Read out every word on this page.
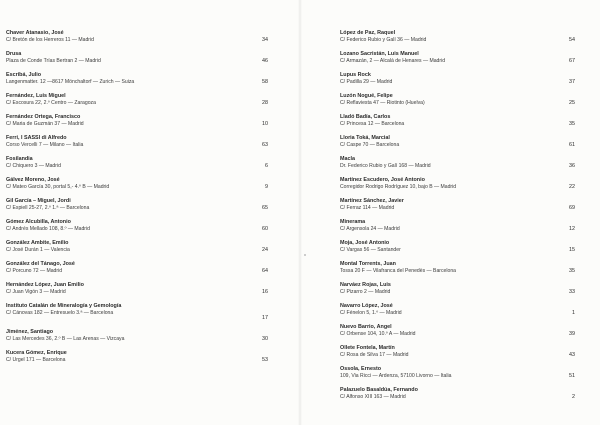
Chaver Atanasio, José
C/ Bretón de los Herreros 11 — Madrid	34
Drusa
Plaza de Conde Trías Bertran 2 — Madrid	46
Escribá, Julio
Langenmatter. 12 —8617 Mönchaltorf — Zurich — Suiza	58
Fernández, Luis Miguel
C/ Escosura 22, 2.º Centro — Zaragoza	28
Fernández Ortega, Francisco
C/ Maria de Guzmán 37 — Madrid	10
Ferri, I SASSI di Alfredo
Corso Vercelli 7 — Milano — Italia	63
Fosilandia
C/ Chiquero 3 — Madrid	6
Gálvez Moreno, José
C/ Mateo García 30, portal 5,- 4.º B — Madrid	9
Gil García – Miguel, Jordi
C/ Espiell 25-27, 2.º 1.ª — Barcelona	65
Gómez Alcubilla, Antonio
C/ Andrés Mellado 108, 8.º — Madrid	60
González Ambite, Emilio
C/ José Durán 1 — Valencia	24
González del Tánago, José
C/ Porcuno 72 — Madrid	64
Hernández López, Juan Emilio
C/ Juan Vigón 3 — Madrid	16
Instituto Catalán de Mineralogía y Gemología
C/ Cánovas 182 — Entresuelo 3.ª — Barcelona
17
Jiménez, Santiago
C/ Las Mercedes 36, 2.º B — Las Arenas — Vizcaya	30
Kucera Gómez, Enrique
C/ Urgel 171 — Barcelona	53
López de Paz, Raquel
C/ Federico Rubio y Galí 36 — Madrid	54
Lozano Sacristán, Luis Manuel
C/ Armazán, 2 — Alcalá de Henares — Madrid	67
Lupus Rock
C/ Padilla 29 — Madrid	37
Luzón Nogué, Felipe
C/ Reflaviesta 47 — Riotinto (Huelva)	25
Lladó Badía, Carlos
C/ Princesa 12 — Barcelona	35
Lloria Toká, Marcial
C/ Caspe 70 — Barcelona	61
Macla
Dr. Federico Rubio y Galí 168 — Madrid	36
Martínez Escudero, José Antonio
Corregidor Rodrigo Rodríguez 10, bajo B — Madrid	22
Martínez Sánchez, Javier
C/ Ferraz 114 — Madrid	69
Minerama
C/ Argensola 24 — Madrid	12
Moja, José Antonio
C/ Vargas 56 — Santander	15
Montal Torrents, Juan
Tossa 20 F — Vilafranca del Penedès — Barcelona	35
Narváez Rojas, Luis
C/ Pizarro 2 — Madrid	33
Navarro López, José
C/ Fénelon 5, 1.º — Madrid	1
Nuevo Barrio, Angel
C/ Orbense 104, 10.º A — Madrid	39
Ollete Fontela, Martín
C/ Rosa de Silva 17 — Madrid	43
Ossola, Ernesto
109, Via Ricci — Ardenza, 57100 Livorno — Italia	51
Palazuelo Basaldúa, Fernando
C/ Alfonso XIII 163 — Madrid	2
